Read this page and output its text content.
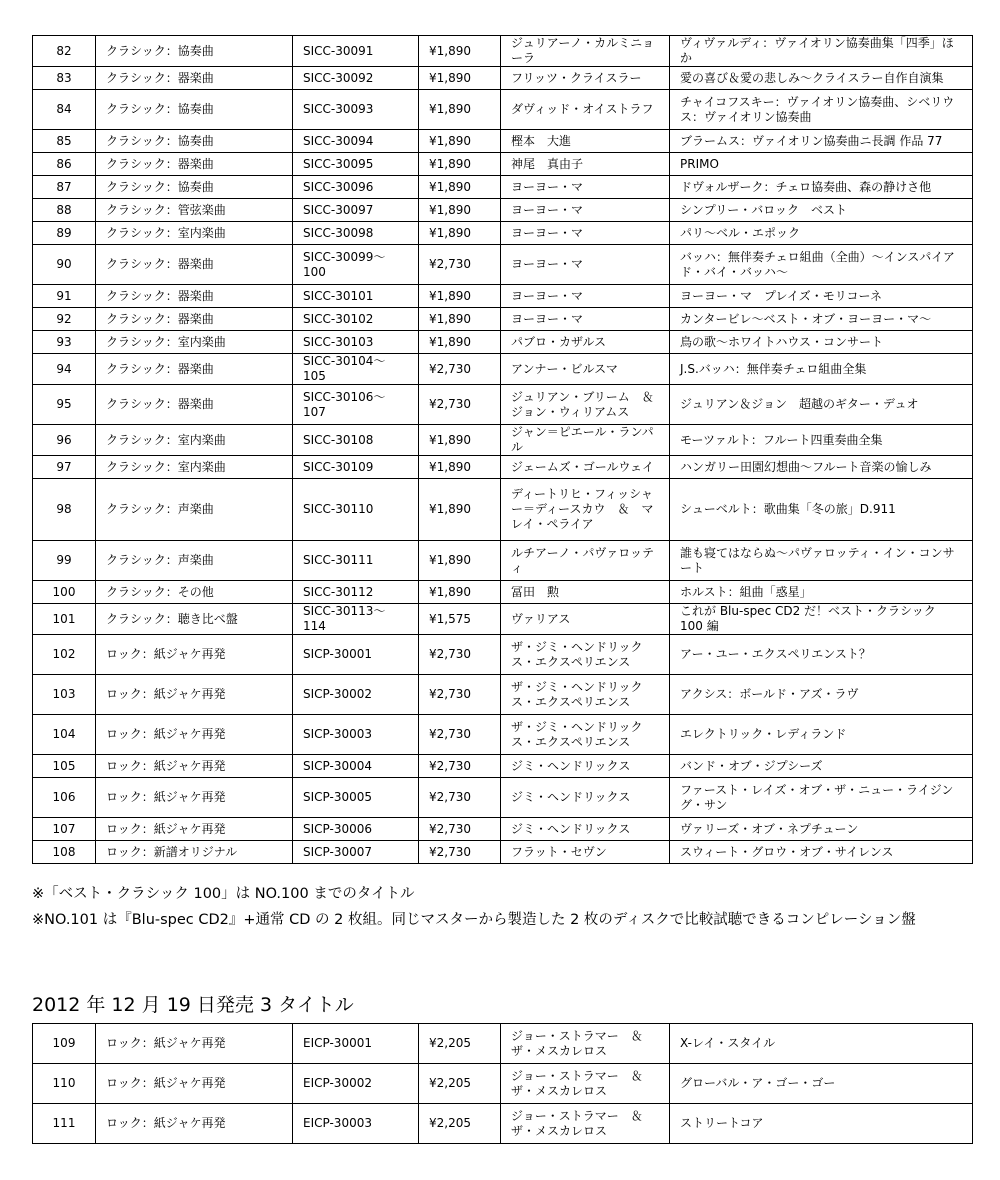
82	クラシック：協奏曲	SICC-30091	¥1,890	ジュリアーノ・カルミニョーラ	ヴィヴァルディ：ヴァイオリン協奏曲集「四季」ほか
83	クラシック：器楽曲	SICC-30092	¥1,890	フリッツ・クライスラー	愛の喜び＆愛の悲しみ～クライスラー自作自演集
84	クラシック：協奏曲	SICC-30093	¥1,890	ダヴィッド・オイストラフ	チャイコフスキー：ヴァイオリン協奏曲、シベリウス：ヴァイオリン協奏曲
85	クラシック：協奏曲	SICC-30094	¥1,890	樫本　大進	ブラームス：ヴァイオリン協奏曲ニ長調 作品 77
86	クラシック：器楽曲	SICC-30095	¥1,890	神尾　真由子	PRIMO
87	クラシック：協奏曲	SICC-30096	¥1,890	ヨーヨー・マ	ドヴォルザーク：チェロ協奏曲、森の静けさ他
88	クラシック：管弦楽曲	SICC-30097	¥1,890	ヨーヨー・マ	シンプリー・バロック　ベスト
89	クラシック：室内楽曲	SICC-30098	¥1,890	ヨーヨー・マ	パリ～ベル・エポック
90	クラシック：器楽曲	SICC-30099～100	¥2,730	ヨーヨー・マ	バッハ：無伴奏チェロ組曲（全曲）～インスパイアド・バイ・バッハ～
91	クラシック：器楽曲	SICC-30101	¥1,890	ヨーヨー・マ	ヨーヨー・マ　プレイズ・モリコーネ
92	クラシック：器楽曲	SICC-30102	¥1,890	ヨーヨー・マ	カンタービレ～ベスト・オブ・ヨーヨー・マ～
93	クラシック：室内楽曲	SICC-30103	¥1,890	パブロ・カザルス	鳥の歌～ホワイトハウス・コンサート
94	クラシック：器楽曲	SICC-30104～105	¥2,730	アンナー・ビルスマ	J.S.バッハ：無伴奏チェロ組曲全集
95	クラシック：器楽曲	SICC-30106～107	¥2,730	ジュリアン・ブリーム　＆　ジョン・ウィリアムス	ジュリアン＆ジョン　超越のギター・デュオ
96	クラシック：室内楽曲	SICC-30108	¥1,890	ジャン＝ピエール・ランパル	モーツァルト：フルート四重奏曲全集
97	クラシック：室内楽曲	SICC-30109	¥1,890	ジェームズ・ゴールウェイ	ハンガリー田園幻想曲～フルート音楽の愉しみ
98	クラシック：声楽曲	SICC-30110	¥1,890	ディートリヒ・フィッシャー＝ディースカウ　＆　マレイ・ペライア	シューベルト：歌曲集「冬の旅」D.911
99	クラシック：声楽曲	SICC-30111	¥1,890	ルチアーノ・パヴァロッティ	誰も寝てはならぬ～パヴァロッティ・イン・コンサート
100	クラシック：その他	SICC-30112	¥1,890	冨田　勲	ホルスト：組曲「惑星」
101	クラシック：聴き比べ盤	SICC-30113～114	¥1,575	ヴァリアス	これが Blu-spec CD2 だ！ベスト・クラシック 100 編
102	ロック：紙ジャケ再発	SICP-30001	¥2,730	ザ・ジミ・ヘンドリックス・エクスペリエンス	アー・ユー・エクスペリエンスト？
103	ロック：紙ジャケ再発	SICP-30002	¥2,730	ザ・ジミ・ヘンドリックス・エクスペリエンス	アクシス：ボールド・アズ・ラヴ
104	ロック：紙ジャケ再発	SICP-30003	¥2,730	ザ・ジミ・ヘンドリックス・エクスペリエンス	エレクトリック・レディランド
105	ロック：紙ジャケ再発	SICP-30004	¥2,730	ジミ・ヘンドリックス	バンド・オブ・ジプシーズ
106	ロック：紙ジャケ再発	SICP-30005	¥2,730	ジミ・ヘンドリックス	ファースト・レイズ・オブ・ザ・ニュー・ライジング・サン
107	ロック：紙ジャケ再発	SICP-30006	¥2,730	ジミ・ヘンドリックス	ヴァリーズ・オブ・ネプチューン
108	ロック：新譜オリジナル	SICP-30007	¥2,730	フラット・セヴン	スウィート・グロウ・オブ・サイレンス
※「ベスト・クラシック 100」は NO.100 までのタイトル
※NO.101 は『Blu-spec CD2』+通常 CD の 2 枚組。同じマスターから製造した 2 枚のディスクで比較試聴できるコンピレーション盤
2012 年 12 月 19 日発売 3 タイトル
109	ロック：紙ジャケ再発	EICP-30001	¥2,205	ジョー・ストラマー　＆　ザ・メスカレロス	X-レイ・スタイル
110	ロック：紙ジャケ再発	EICP-30002	¥2,205	ジョー・ストラマー　＆　ザ・メスカレロス	グローバル・ア・ゴー・ゴー
111	ロック：紙ジャケ再発	EICP-30003	¥2,205	ジョー・ストラマー　＆　ザ・メスカレロス	ストリートコア
